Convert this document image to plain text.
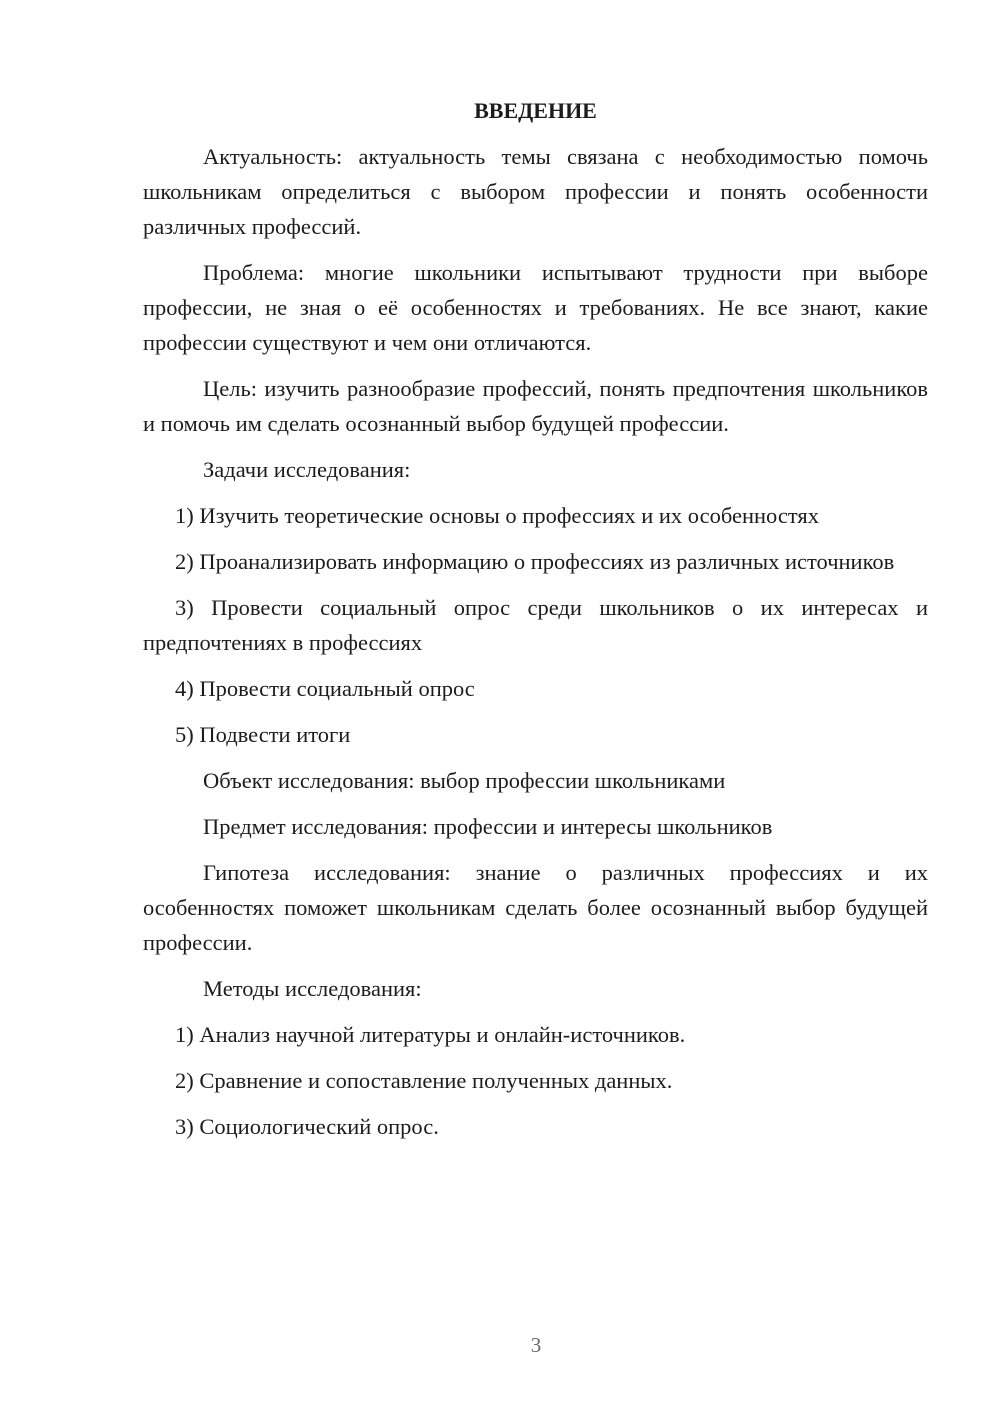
ВВЕДЕНИЕ

Актуальность: актуальность темы связана с необходимостью помочь школьникам определиться с выбором профессии и понять особенности различных профессий.

Проблема: многие школьники испытывают трудности при выборе профессии, не зная о её особенностях и требованиях. Не все знают, какие профессии существуют и чем они отличаются.

Цель: изучить разнообразие профессий, понять предпочтения школьников и помочь им сделать осознанный выбор будущей профессии.

Задачи исследования:

1) Изучить теоретические основы о профессиях и их особенностях

2) Проанализировать информацию о профессиях из различных источников

3) Провести социальный опрос среди школьников о их интересах и предпочтениях в профессиях

4) Провести социальный опрос

5) Подвести итоги

Объект исследования: выбор профессии школьниками

Предмет исследования: профессии и интересы школьников

Гипотеза исследования: знание о различных профессиях и их особенностях поможет школьникам сделать более осознанный выбор будущей профессии.

Методы исследования:

1) Анализ научной литературы и онлайн-источников.

2) Сравнение и сопоставление полученных данных.

3) Социологический опрос.

3
